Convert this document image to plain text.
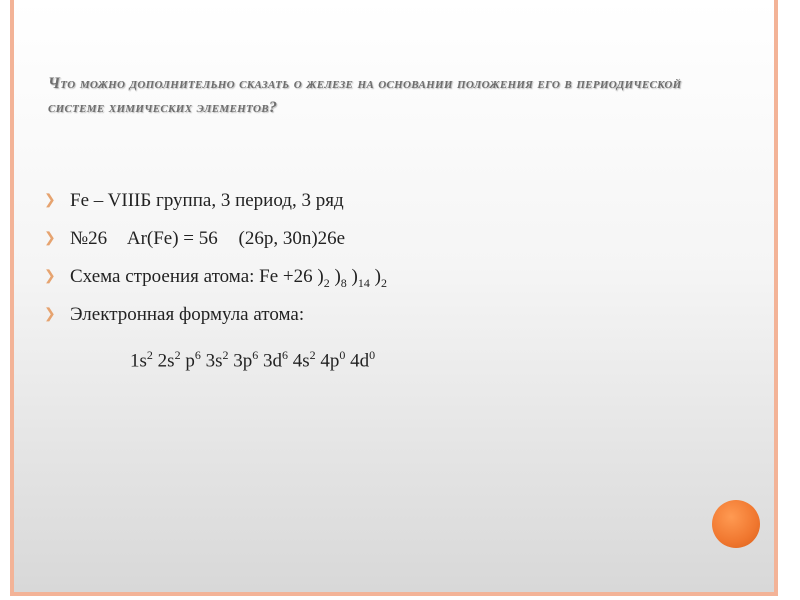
Что можно дополнительно сказать о железе на основании положения его в периодической системе химических элементов?
❯ Fe – VIIIБ группа, 3 период, 3 ряд
❯ №26 Ar(Fe) = 56 (26p, 30n)26e
❯ Схема строения атома: Fe +26 )$_2$ )$_8$ )$_{14}$ )$_2$
❯ Электронная формула атома:
$1s^2$ $2s^2$ $p^6$ $3s^2$ $3p^6$ $3d^6$ $4s^2$ $4p^0$ $4d^0$
